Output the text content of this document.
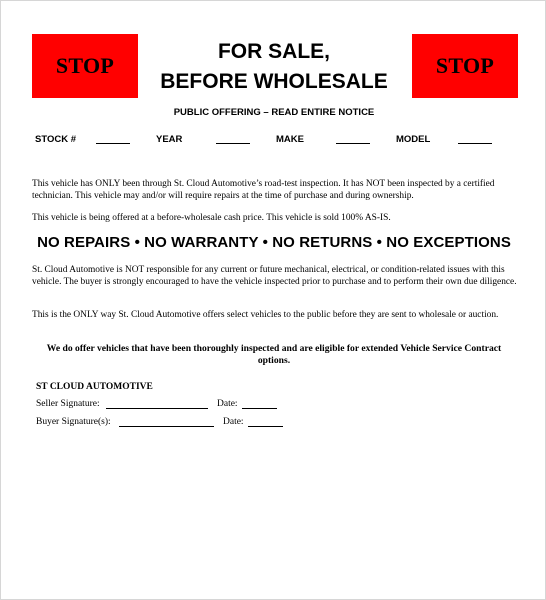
STOP
FOR SALE,
BEFORE WHOLESALE
STOP
PUBLIC OFFERING – READ ENTIRE NOTICE
STOCK #	YEAR	MAKE	MODEL

This vehicle has ONLY been through St. Cloud Automotive’s road-test inspection. It has NOT been inspected by a certified technician. This vehicle may and/or will require repairs at the time of purchase and during ownership.

This vehicle is being offered at a before-wholesale cash price. This vehicle is sold 100% AS-IS.

NO REPAIRS • NO WARRANTY • NO RETURNS • NO EXCEPTIONS

St. Cloud Automotive is NOT responsible for any current or future mechanical, electrical, or condition-related issues with this vehicle. The buyer is strongly encouraged to have the vehicle inspected prior to purchase and to perform their own due diligence.

This is the ONLY way St. Cloud Automotive offers select vehicles to the public before they are sent to wholesale or auction.

We do offer vehicles that have been thoroughly inspected and are eligible for extended Vehicle Service Contract options.
ST CLOUD AUTOMOTIVE
Seller Signature:	Date:
Buyer Signature(s):	Date:
